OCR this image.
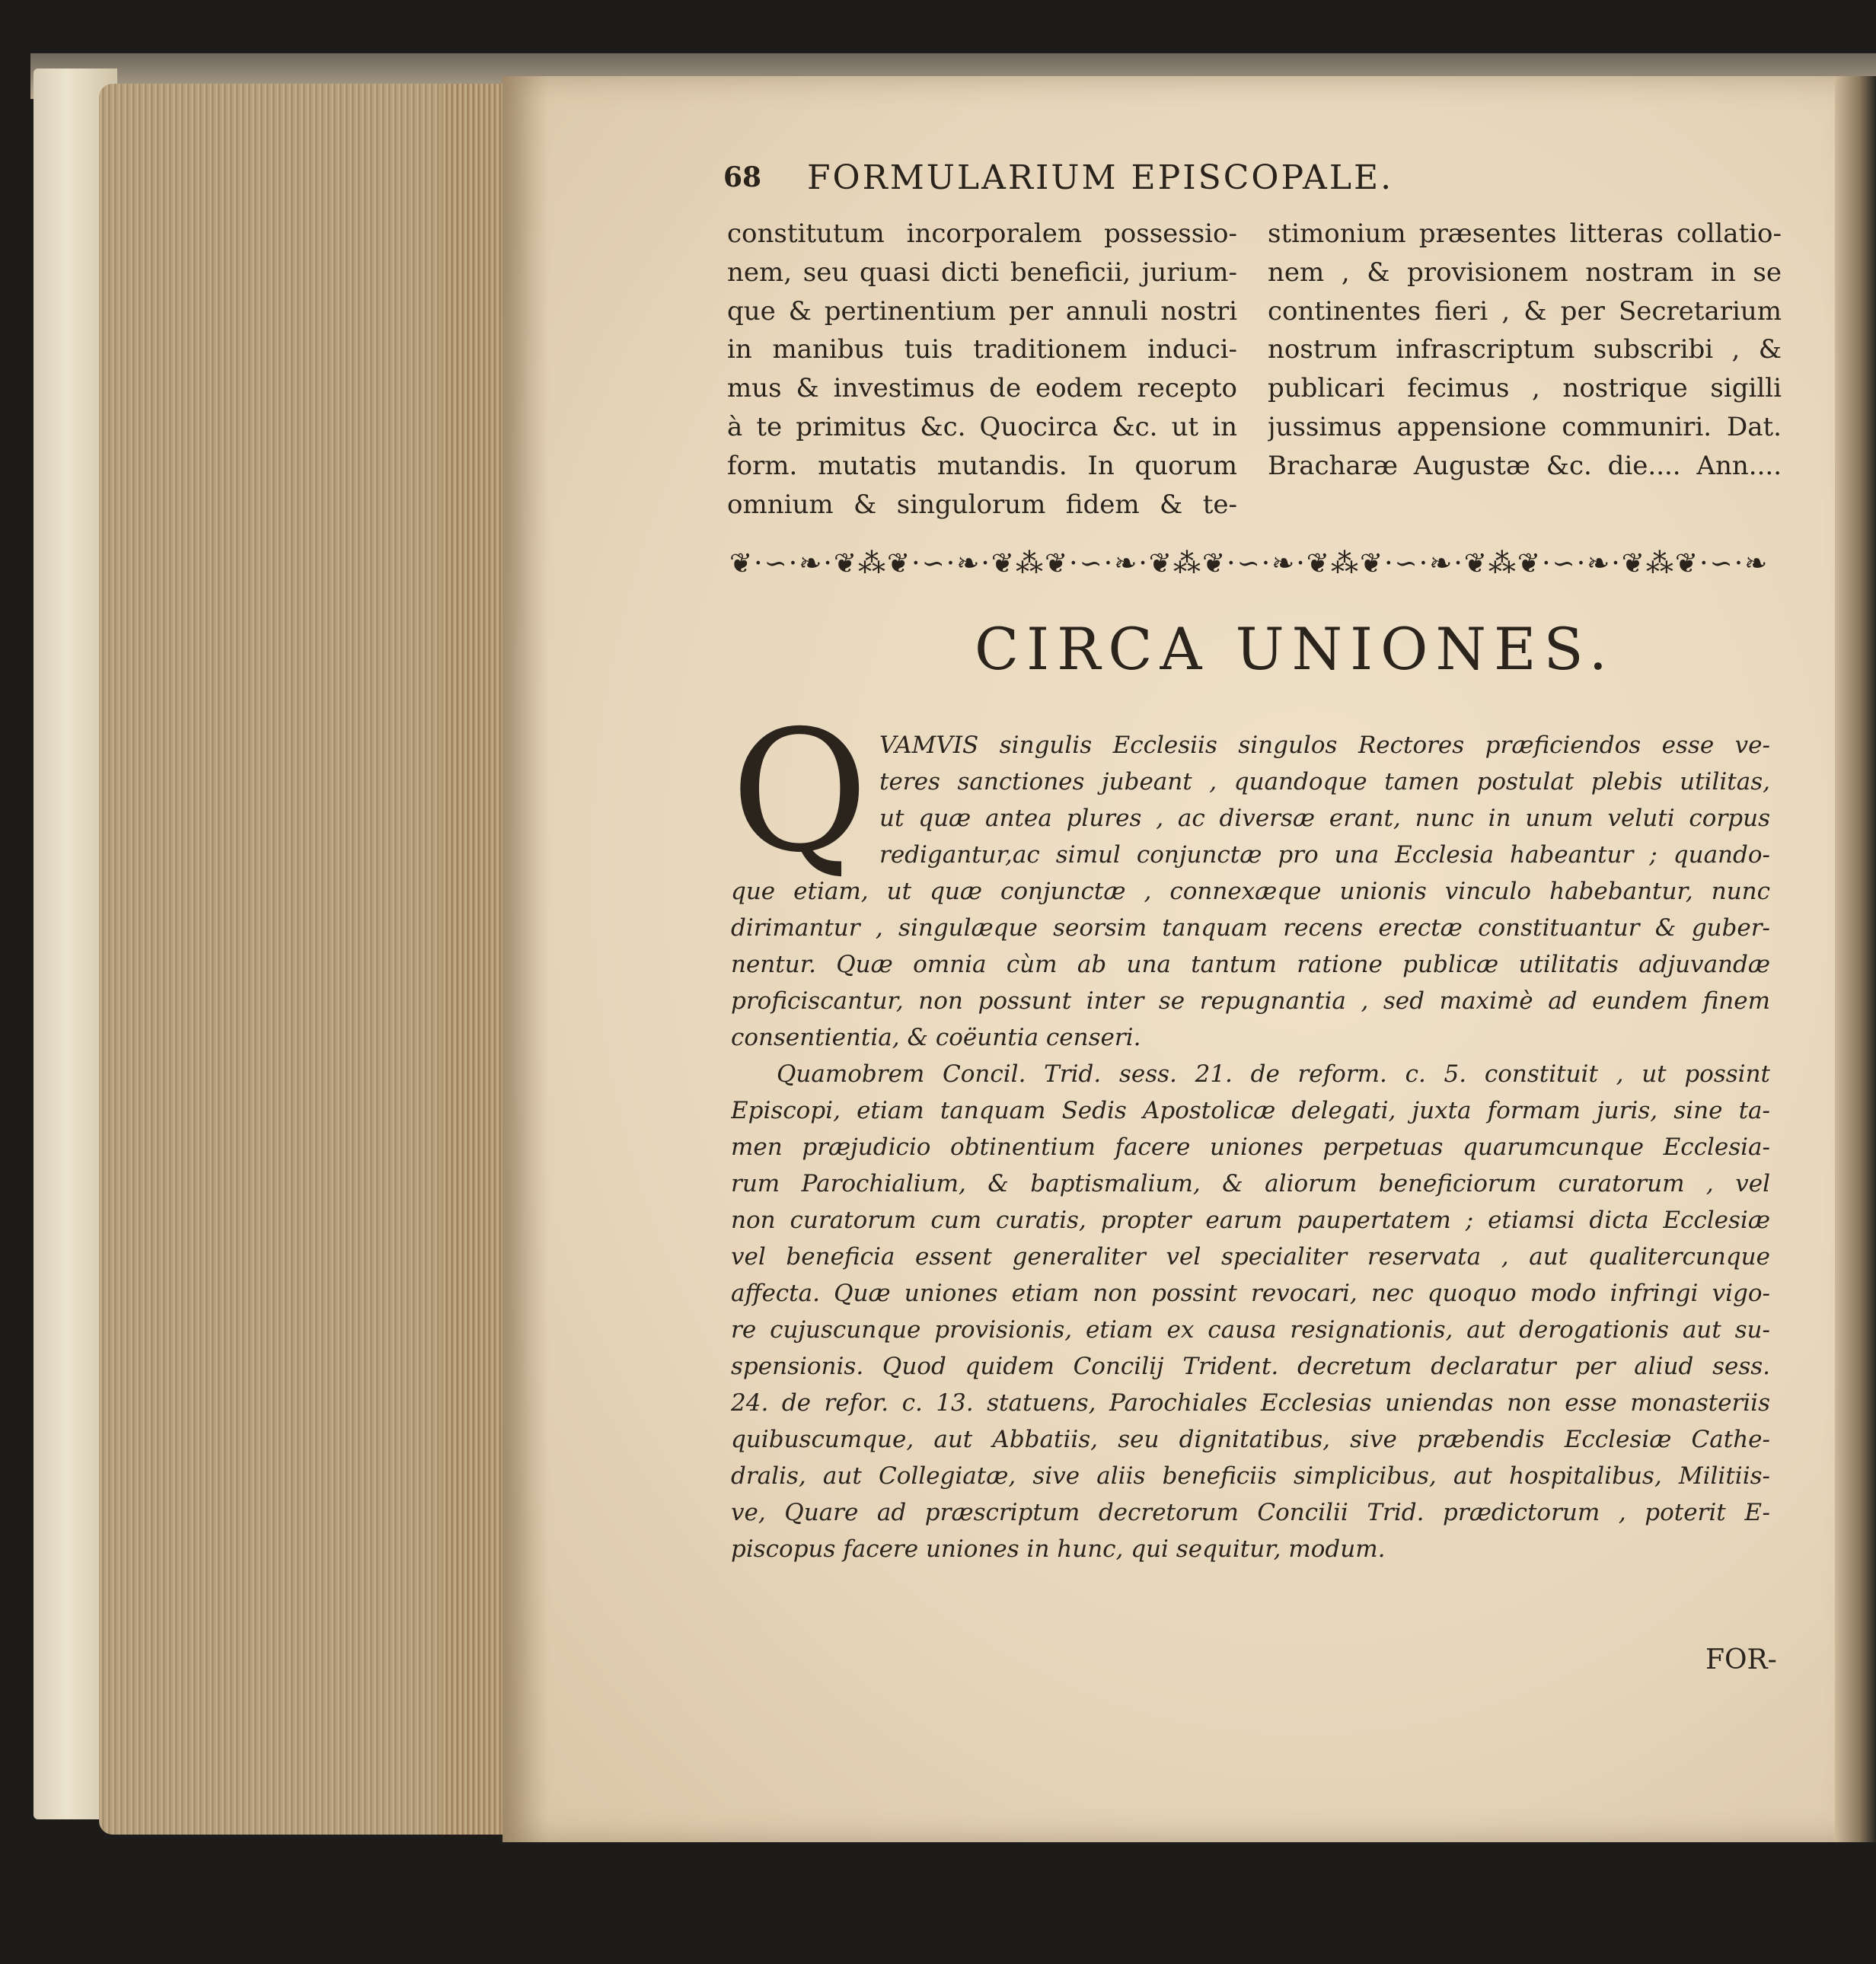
68 FORMULARIUM EPISCOPALE.
constitutum incorporalem possessio-
nem, seu quasi dicti beneficii, jurium-
que & pertinentium per annuli nostri
in manibus tuis traditionem induci-
mus & investimus de eodem recepto
à te primitus &c. Quocirca &c. ut in
form. mutatis mutandis. In quorum
omnium & singulorum fidem & te-
stimonium præsentes litteras collatio-
nem , & provisionem nostram in se
continentes fieri , & per Secretarium
nostrum infrascriptum subscribi , &
publicari fecimus , nostrique sigilli
jussimus appensione communiri. Dat.
Bracharæ Augustæ &c. die.... Ann....
❦·∽·❧·❦⁂❦·∽·❧·❦⁂❦·∽·❧·❦⁂❦·∽·❧·❦⁂❦·∽·❧·❦⁂❦·∽·❧·❦⁂❦·∽·❧
CIRCA UNIONES.
Q VAMVIS singulis Ecclesiis singulos Rectores præficiendos esse ve-
teres sanctiones jubeant , quandoque tamen postulat plebis utilitas,
ut quæ antea plures , ac diversæ erant, nunc in unum veluti corpus
redigantur,ac simul conjunctæ pro una Ecclesia habeantur ; quando-
que etiam, ut quæ conjunctæ , connexæque unionis vinculo habebantur, nunc
dirimantur , singulæque seorsim tanquam recens erectæ constituantur & guber-
nentur. Quæ omnia cùm ab una tantum ratione publicæ utilitatis adjuvandæ
proficiscantur, non possunt inter se repugnantia , sed maximè ad eundem finem
consentientia, & coëuntia censeri.
Quamobrem Concil. Trid. sess. 21. de reform. c. 5. constituit , ut possint
Episcopi, etiam tanquam Sedis Apostolicæ delegati, juxta formam juris, sine ta-
men præjudicio obtinentium facere uniones perpetuas quarumcunque Ecclesia-
rum Parochialium, & baptismalium, & aliorum beneficiorum curatorum , vel
non curatorum cum curatis, propter earum paupertatem ; etiamsi dicta Ecclesiæ
vel beneficia essent generaliter vel specialiter reservata , aut qualitercunque
affecta. Quæ uniones etiam non possint revocari, nec quoquo modo infringi vigo-
re cujuscunque provisionis, etiam ex causa resignationis, aut derogationis aut su-
spensionis. Quod quidem Concilij Trident. decretum declaratur per aliud sess.
24. de refor. c. 13. statuens, Parochiales Ecclesias uniendas non esse monasteriis
quibuscumque, aut Abbatiis, seu dignitatibus, sive præbendis Ecclesiæ Cathe-
dralis, aut Collegiatæ, sive aliis beneficiis simplicibus, aut hospitalibus, Militiis-
ve, Quare ad præscriptum decretorum Concilii Trid. prædictorum , poterit E-
piscopus facere uniones in hunc, qui sequitur, modum.
FOR-
